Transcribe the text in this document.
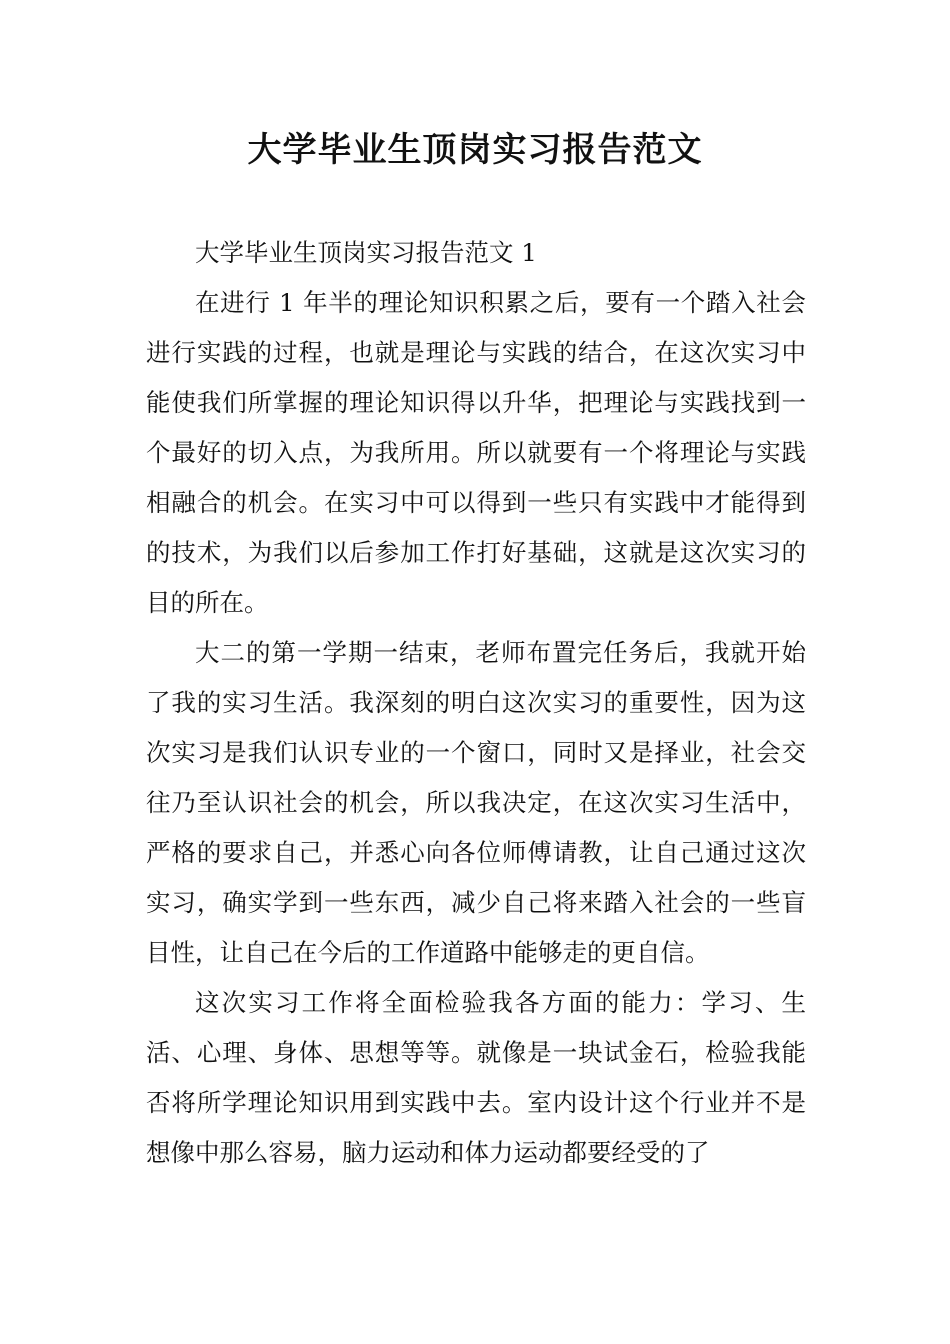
大学毕业生顶岗实习报告范文

大学毕业生顶岗实习报告范文 1

在进行 1 年半的理论知识积累之后，要有一个踏入社会进行实践的过程，也就是理论与实践的结合，在这次实习中能使我们所掌握的理论知识得以升华，把理论与实践找到一个最好的切入点，为我所用。所以就要有一个将理论与实践相融合的机会。在实习中可以得到一些只有实践中才能得到的技术，为我们以后参加工作打好基础，这就是这次实习的目的所在。

大二的第一学期一结束，老师布置完任务后，我就开始了我的实习生活。我深刻的明白这次实习的重要性，因为这次实习是我们认识专业的一个窗口，同时又是择业，社会交往乃至认识社会的机会，所以我决定，在这次实习生活中，严格的要求自己，并悉心向各位师傅请教，让自己通过这次实习，确实学到一些东西，减少自己将来踏入社会的一些盲目性，让自己在今后的工作道路中能够走的更自信。

这次实习工作将全面检验我各方面的能力：学习、生活、心理、身体、思想等等。就像是一块试金石，检验我能否将所学理论知识用到实践中去。室内设计这个行业并不是想像中那么容易，脑力运动和体力运动都要经受的了
